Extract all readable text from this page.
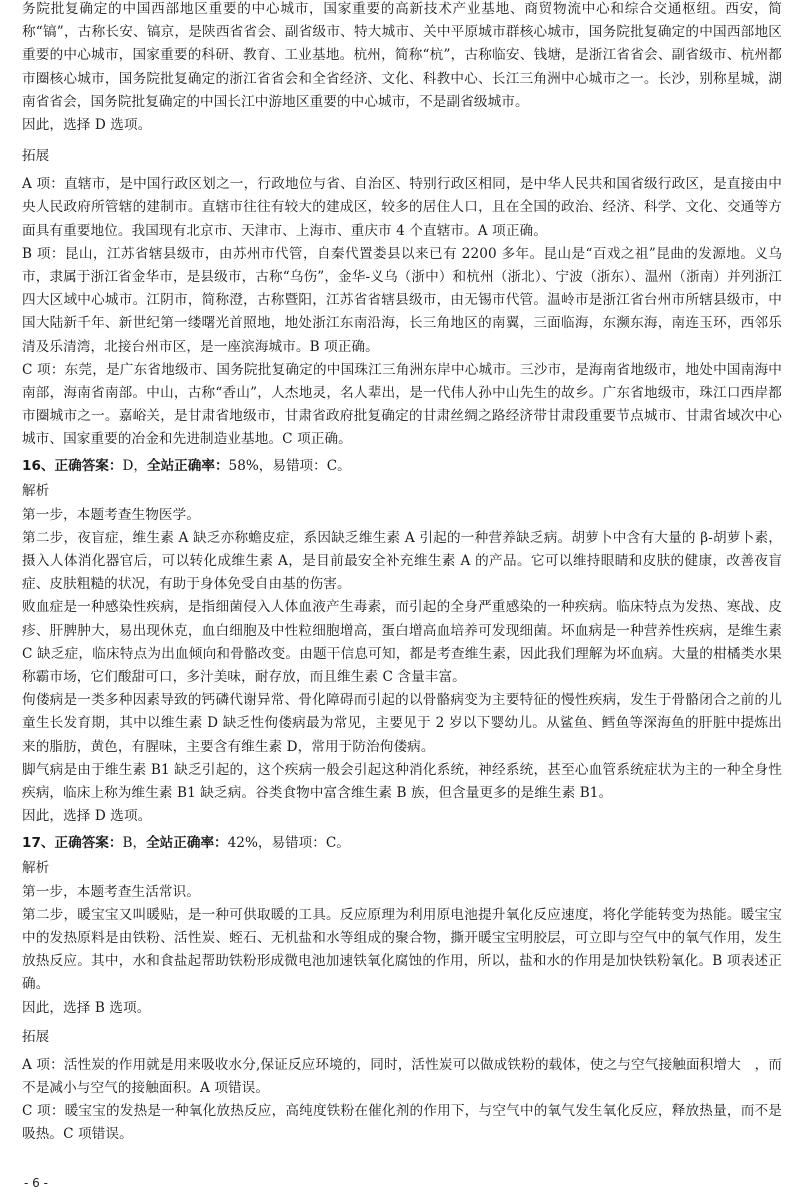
务院批复确定的中国西部地区重要的中心城市，国家重要的高新技术产业基地、商贸物流中心和综合交通枢纽。西安，简称“镐”，古称长安、镐京，是陕西省省会、副省级市、特大城市、关中平原城市群核心城市，国务院批复确定的中国西部地区重要的中心城市，国家重要的科研、教育、工业基地。杭州，简称“杭”，古称临安、钱塘，是浙江省省会、副省级市、杭州都市圈核心城市，国务院批复确定的浙江省省会和全省经济、文化、科教中心、长江三角洲中心城市之一。长沙，别称星城，湖南省省会，国务院批复确定的中国长江中游地区重要的中心城市，不是副省级城市。

因此，选择 D 选项。

拓展

A 项：直辖市，是中国行政区划之一，行政地位与省、自治区、特别行政区相同，是中华人民共和国省级行政区，是直接由中央人民政府所管辖的建制市。直辖市往往有较大的建成区，较多的居住人口，且在全国的政治、经济、科学、文化、交通等方面具有重要地位。我国现有北京市、天津市、上海市、重庆市 4 个直辖市。A 项正确。

B 项：昆山，江苏省辖县级市，由苏州市代管，自秦代置娄县以来已有 2200 多年。昆山是“百戏之祖”昆曲的发源地。义乌市，隶属于浙江省金华市，是县级市，古称“乌伤”，金华-义乌（浙中）和杭州（浙北）、宁波（浙东）、温州（浙南）并列浙江四大区域中心城市。江阴市，简称澄，古称暨阳，江苏省省辖县级市，由无锡市代管。温岭市是浙江省台州市所辖县级市，中国大陆新千年、新世纪第一缕曙光首照地，地处浙江东南沿海，长三角地区的南翼，三面临海，东濒东海，南连玉环，西邻乐清及乐清湾，北接台州市区，是一座滨海城市。B 项正确。

C 项：东莞，是广东省地级市、国务院批复确定的中国珠江三角洲东岸中心城市。三沙市，是海南省地级市，地处中国南海中南部，海南省南部。中山，古称“香山”，人杰地灵，名人辈出，是一代伟人孙中山先生的故乡。广东省地级市，珠江口西岸都市圈城市之一。嘉峪关，是甘肃省地级市，甘肃省政府批复确定的甘肃丝绸之路经济带甘肃段重要节点城市、甘肃省域次中心城市、国家重要的冶金和先进制造业基地。C 项正确。

16、正确答案：D，全站正确率：58%，易错项：C。

解析

第一步，本题考查生物医学。

第二步，夜盲症，维生素 A 缺乏亦称蟾皮症，系因缺乏维生素 A 引起的一种营养缺乏病。胡萝卜中含有大量的 β-胡萝卜素，摄入人体消化器官后，可以转化成维生素 A，是目前最安全补充维生素 A 的产品。它可以维持眼睛和皮肤的健康，改善夜盲症、皮肤粗糙的状况，有助于身体免受自由基的伤害。

败血症是一种感染性疾病，是指细菌侵入人体血液产生毒素，而引起的全身严重感染的一种疾病。临床特点为发热、寒战、皮疹、肝脾肿大，易出现休克，血白细胞及中性粒细胞增高，蛋白增高血培养可发现细菌。坏血病是一种营养性疾病，是维生素 C 缺乏症，临床特点为出血倾向和骨骼改变。由题干信息可知，都是考查维生素，因此我们理解为坏血病。大量的柑橘类水果称霸市场，它们酸甜可口，多汁美味，耐存放，而且维生素 C 含量丰富。

佝偻病是一类多种因素导致的钙磷代谢异常、骨化障碍而引起的以骨骼病变为主要特征的慢性疾病，发生于骨骼闭合之前的儿童生长发育期，其中以维生素 D 缺乏性佝偻病最为常见，主要见于 2 岁以下婴幼儿。从鲨鱼、鳕鱼等深海鱼的肝脏中提炼出来的脂肪，黄色，有腥味，主要含有维生素 D，常用于防治佝偻病。

脚气病是由于维生素 B1 缺乏引起的，这个疾病一般会引起这种消化系统，神经系统，甚至心血管系统症状为主的一种全身性疾病，临床上称为维生素 B1 缺乏病。谷类食物中富含维生素 B 族，但含量更多的是维生素 B1。

因此，选择 D 选项。

17、正确答案：B，全站正确率：42%，易错项：C。

解析

第一步，本题考查生活常识。

第二步，暖宝宝又叫暖贴，是一种可供取暖的工具。反应原理为利用原电池提升氧化反应速度，将化学能转变为热能。暖宝宝中的发热原料是由铁粉、活性炭、蛭石、无机盐和水等组成的聚合物，撕开暖宝宝明胶层，可立即与空气中的氧气作用，发生放热反应。其中，水和食盐起帮助铁粉形成微电池加速铁氧化腐蚀的作用，所以，盐和水的作用是加快铁粉氧化。B 项表述正确。

因此，选择 B 选项。

拓展

A 项：活性炭的作用就是用来吸收水分,保证反应环境的，同时，活性炭可以做成铁粉的载体，使之与空气接触面积增大　，而不是减小与空气的接触面积。A 项错误。

C 项：暖宝宝的发热是一种氧化放热反应，高纯度铁粉在催化剂的作用下，与空气中的氧气发生氧化反应，释放热量，而不是吸热。C 项错误。

- 6 -
